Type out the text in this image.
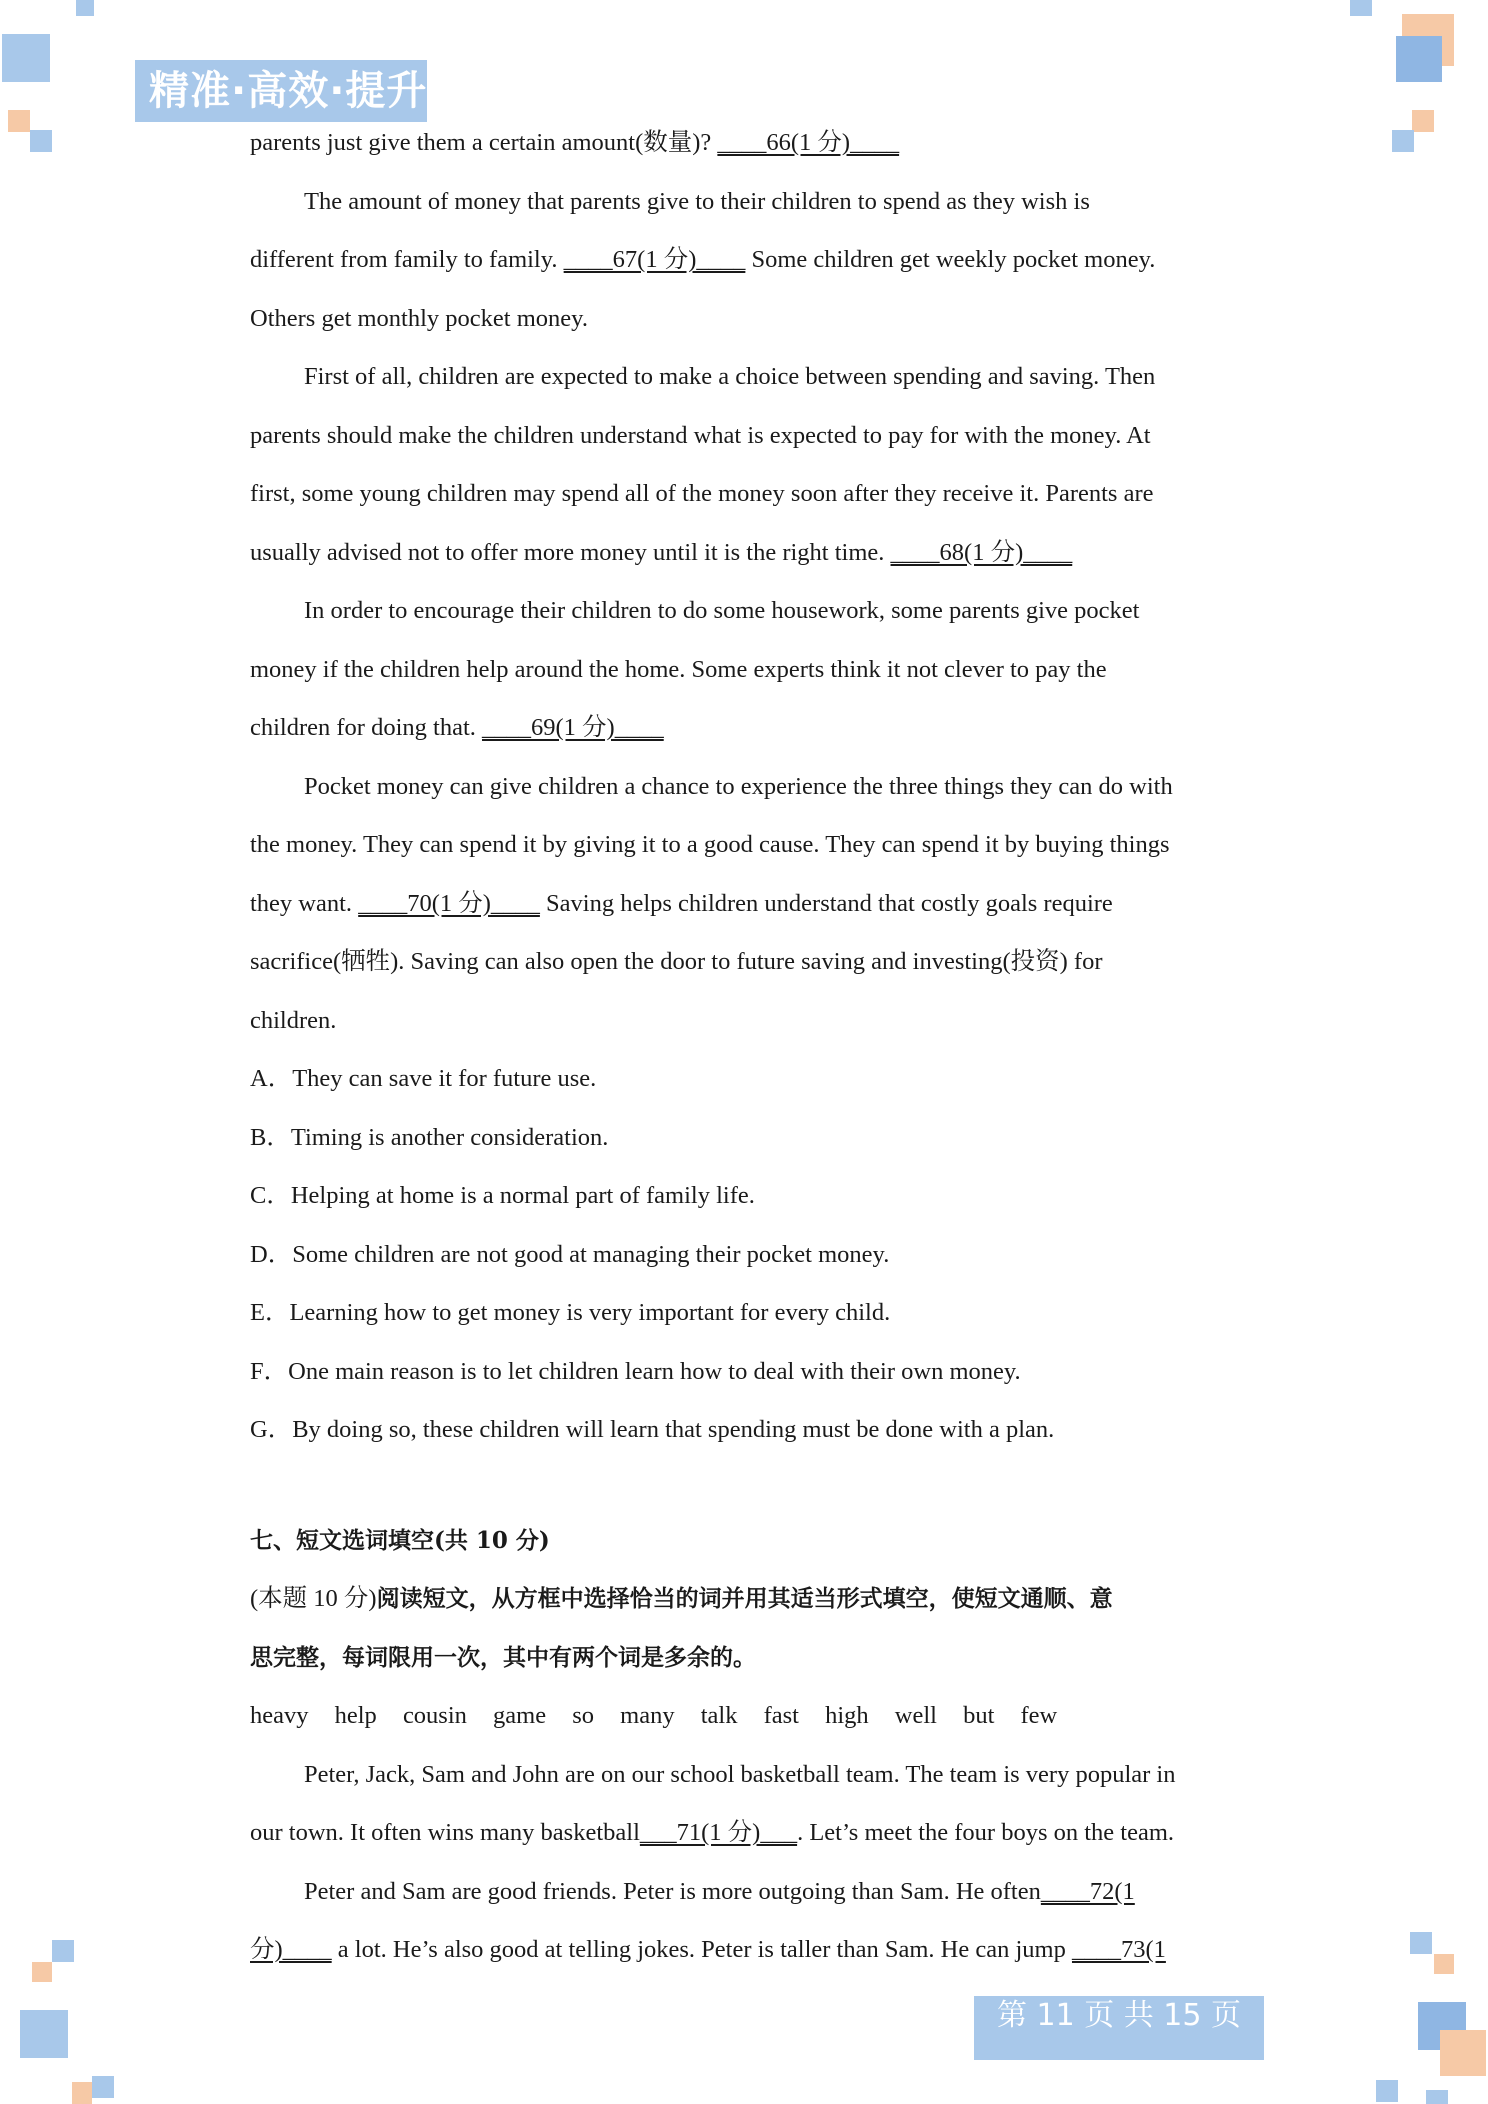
精准·高效·提升
parents just give them a certain amount(数量)? ____66(1 分)____
The amount of money that parents give to their children to spend as they wish is
different from family to family. ____67(1 分)____ Some children get weekly pocket money.
Others get monthly pocket money.
First of all, children are expected to make a choice between spending and saving. Then
parents should make the children understand what is expected to pay for with the money. At
first, some young children may spend all of the money soon after they receive it. Parents are
usually advised not to offer more money until it is the right time. ____68(1 分)____
In order to encourage their children to do some housework, some parents give pocket
money if the children help around the home. Some experts think it not clever to pay the
children for doing that. ____69(1 分)____
Pocket money can give children a chance to experience the three things they can do with
the money. They can spend it by giving it to a good cause. They can spend it by buying things
they want. ____70(1 分)____ Saving helps children understand that costly goals require
sacrifice(牺牲). Saving can also open the door to future saving and investing(投资) for
children.
A．They can save it for future use.
B．Timing is another consideration.
C．Helping at home is a normal part of family life.
D．Some children are not good at managing their pocket money.
E．Learning how to get money is very important for every child.
F．One main reason is to let children learn how to deal with their own money.
G．By doing so, these children will learn that spending must be done with a plan.
七、短文选词填空(共 10 分)
(本题 10 分)阅读短文，从方框中选择恰当的词并用其适当形式填空，使短文通顺、意
思完整，每词限用一次，其中有两个词是多余的。
heavy help cousin game so many talk fast high well but few
Peter, Jack, Sam and John are on our school basketball team. The team is very popular in
our town. It often wins many basketball___71(1 分)___. Let’s meet the four boys on the team.
Peter and Sam are good friends. Peter is more outgoing than Sam. He often____72(1
分)____ a lot. He’s also good at telling jokes. Peter is taller than Sam. He can jump ____73(1
第 11 页 共 15 页
